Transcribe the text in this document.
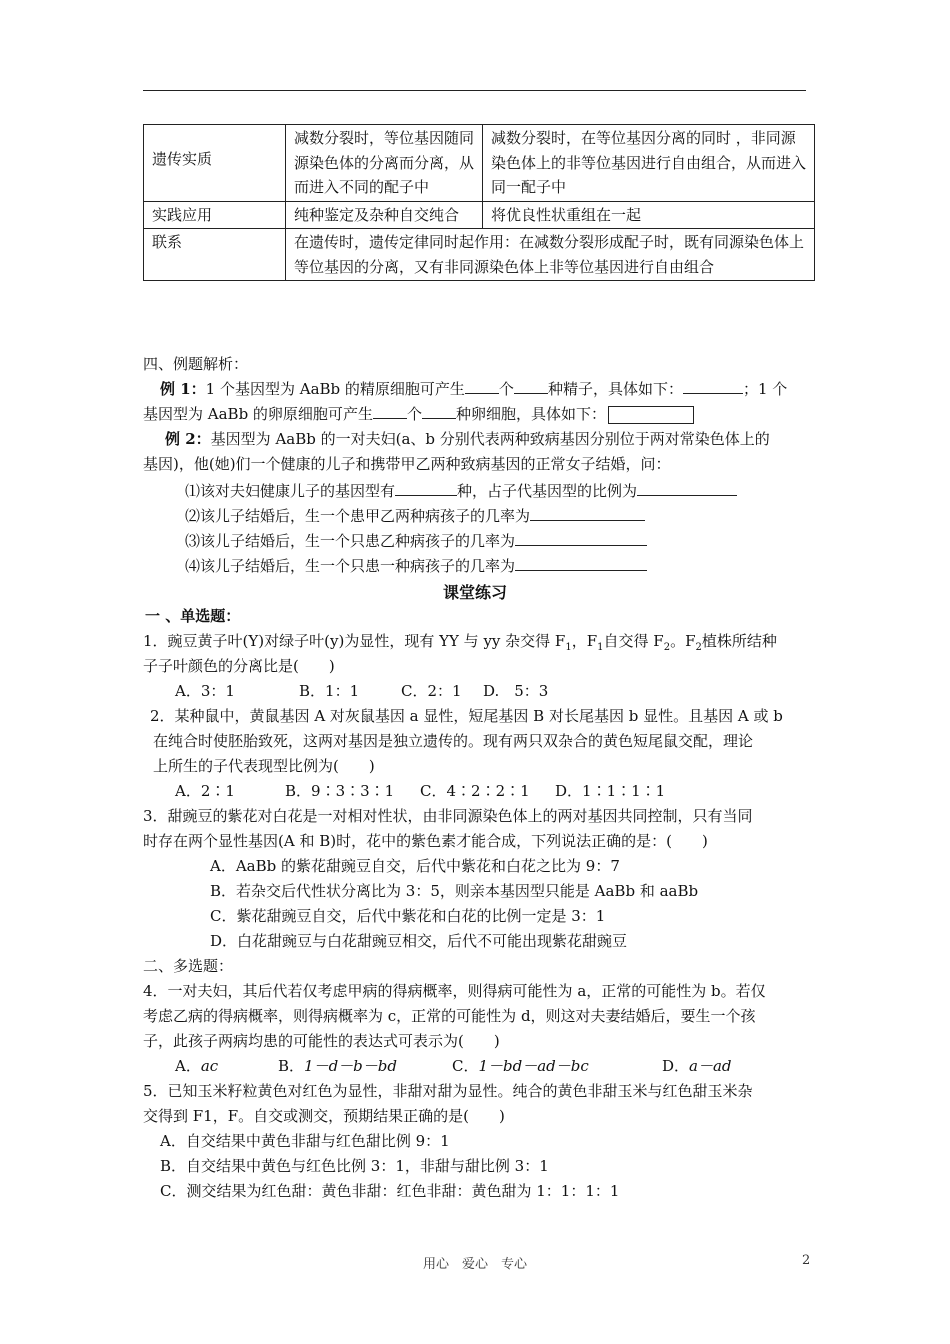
遗传实质	减数分裂时，等位基因随同源染色体的分离而分离，从而进入不同的配子中	减数分裂时，在等位基因分离的同时 ，非同源染色体上的非等位基因进行自由组合，从而进入同一配子中
实践应用	纯种鉴定及杂种自交纯合	将优良性状重组在一起
联系	在遗传时，遗传定律同时起作用：在减数分裂形成配子时，既有同源染色体上等位基因的分离，又有非同源染色体上非等位基因进行自由组合	
四、例题解析：
例 1：1 个基因型为 AaBb 的精原细胞可产生 个 种精子，具体如下：	；1 个
基因型为 AaBb 的卵原细胞可产生 个 种卵细胞，具体如下：
例 2：基因型为 AaBb 的一对夫妇(a、b 分别代表两种致病基因分别位于两对常染色体上的
基因)，他(她)们一个健康的儿子和携带甲乙两种致病基因的正常女子结婚，问：
⑴该对夫妇健康儿子的基因型有	种，占子代基因型的比例为
⑵该儿子结婚后，生一个患甲乙两种病孩子的几率为
⑶该儿子结婚后，生一个只患乙种病孩子的几率为
⑷该儿子结婚后，生一个只患一种病孩子的几率为
课堂练习
一 、单选题：
1．豌豆黄子叶(Y)对绿子叶(y)为显性，现有 YY 与 yy 杂交得 $F_1$，$F_1$自交得 $F_2$。$F_2$植株所结种
子子叶颜色的分离比是(　　)
A．3：1	B．1：1	C．2：1 D.　5：3
2．某种鼠中，黄鼠基因 A 对灰鼠基因 a 显性，短尾基因 B 对长尾基因 b 显性。且基因 A 或 b
在纯合时使胚胎致死，这两对基因是独立遗传的。现有两只双杂合的黄色短尾鼠交配，理论
上所生的子代表现型比例为(　　)
A．2∶1	B．9∶3∶3∶1 C．4∶2∶2∶1 D．1∶1∶1∶1
3．甜豌豆的紫花对白花是一对相对性状，由非同源染色体上的两对基因共同控制，只有当同
时存在两个显性基因(A 和 B)时，花中的紫色素才能合成，下列说法正确的是：(　　)
A．AaBb 的紫花甜豌豆自交，后代中紫花和白花之比为 9：7
B．若杂交后代性状分离比为 3：5，则亲本基因型只能是 AaBb 和 aaBb
C．紫花甜豌豆自交，后代中紫花和白花的比例一定是 3：1
D．白花甜豌豆与白花甜豌豆相交，后代不可能出现紫花甜豌豆
二、多选题：
4．一对夫妇，其后代若仅考虑甲病的得病概率，则得病可能性为 a，正常的可能性为 b。若仅
考虑乙病的得病概率，则得病概率为 c，正常的可能性为 d，则这对夫妻结婚后，要生一个孩
子，此孩子两病均患的可能性的表达式可表示为(　　)
A．ac	B．1－d－b－bd	C．1－bd－ad－bc	D．a－ad
5．已知玉米籽粒黄色对红色为显性，非甜对甜为显性。纯合的黄色非甜玉米与红色甜玉米杂
交得到 F1，F。自交或测交，预期结果正确的是(　　)
A．自交结果中黄色非甜与红色甜比例 9：1
B．自交结果中黄色与红色比例 3：1，非甜与甜比例 3：1
C．测交结果为红色甜：黄色非甜：红色非甜：黄色甜为 1：1：1：1
用心　爱心　专心	2
